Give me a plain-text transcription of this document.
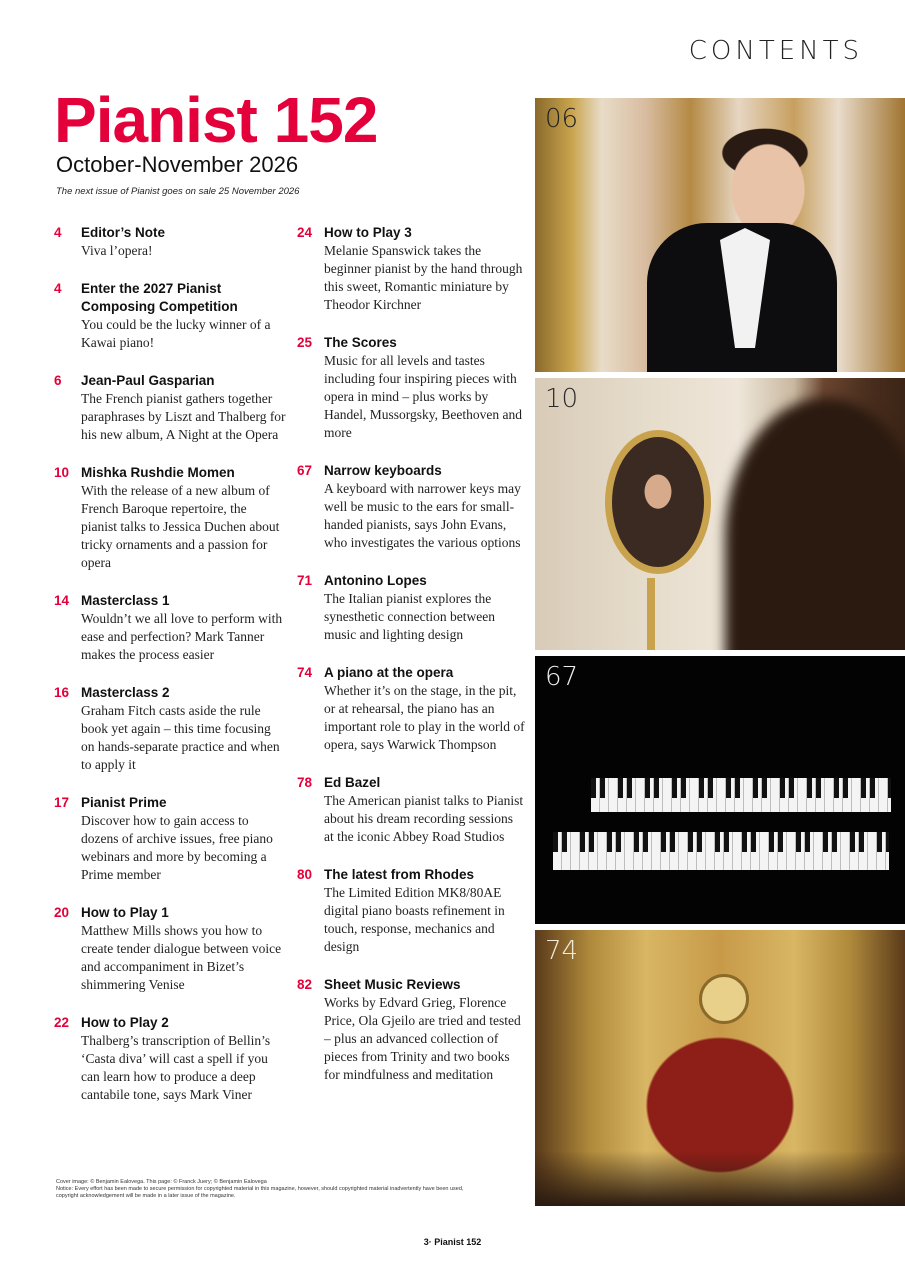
CONTENTS
Pianist 152
October-November 2026
The next issue of Pianist goes on sale 25 November 2026
4	Editor’s Note
Viva l’opera!
4	Enter the 2027 Pianist Composing Competition
You could be the lucky winner of a Kawai piano!
6	Jean-Paul Gasparian
The French pianist gathers together paraphrases by Liszt and Thalberg for his new album, A Night at the Opera
10 Mishka Rushdie Momen
With the release of a new album of French Baroque repertoire, the pianist talks to Jessica Duchen about tricky ornaments and a passion for opera
14 Masterclass 1
Wouldn’t we all love to perform with ease and perfection? Mark Tanner makes the process easier
16 Masterclass 2
Graham Fitch casts aside the rule book yet again – this time focusing on hands-separate practice and when to apply it
17 Pianist Prime
Discover how to gain access to dozens of archive issues, free piano webinars and more by becoming a Prime member
20 How to Play 1
Matthew Mills shows you how to create tender dialogue between voice and accompaniment in Bizet’s shimmering Venise
22 How to Play 2
Thalberg’s transcription of Bellin’s ‘Casta diva’ will cast a spell if you can learn how to produce a deep cantabile tone, says Mark Viner
24 How to Play 3
Melanie Spanswick takes the beginner pianist by the hand through this sweet, Romantic miniature by Theodor Kirchner
25 The Scores
Music for all levels and tastes including four inspiring pieces with opera in mind – plus works by Handel, Mussorgsky, Beethoven and more
67 Narrow keyboards
A keyboard with narrower keys may well be music to the ears for small-handed pianists, says John Evans, who investigates the various options
71 Antonino Lopes
The Italian pianist explores the synesthetic connection between music and lighting design
74 A piano at the opera
Whether it’s on the stage, in the pit, or at rehearsal, the piano has an important role to play in the world of opera, says Warwick Thompson
78 Ed Bazel
The American pianist talks to Pianist about his dream recording sessions at the iconic Abbey Road Studios
80 The latest from Rhodes
The Limited Edition MK8/80AE digital piano boasts refinement in touch, response, mechanics and design
82 Sheet Music Reviews
Works by Edvard Grieg, Florence Price, Ola Gjeilo are tried and tested – plus an advanced collection of pieces from Trinity and two books for mindfulness and meditation
06
10
67
74
Cover image: © Benjamin Ealovega. This page: © Franck Juery; © Benjamin Ealovega
Notice: Every effort has been made to secure permission for copyrighted material in this magazine, however, should copyrighted material inadvertently have been used, copyright acknowledgement will be made in a later issue of the magazine.
3· Pianist 152
